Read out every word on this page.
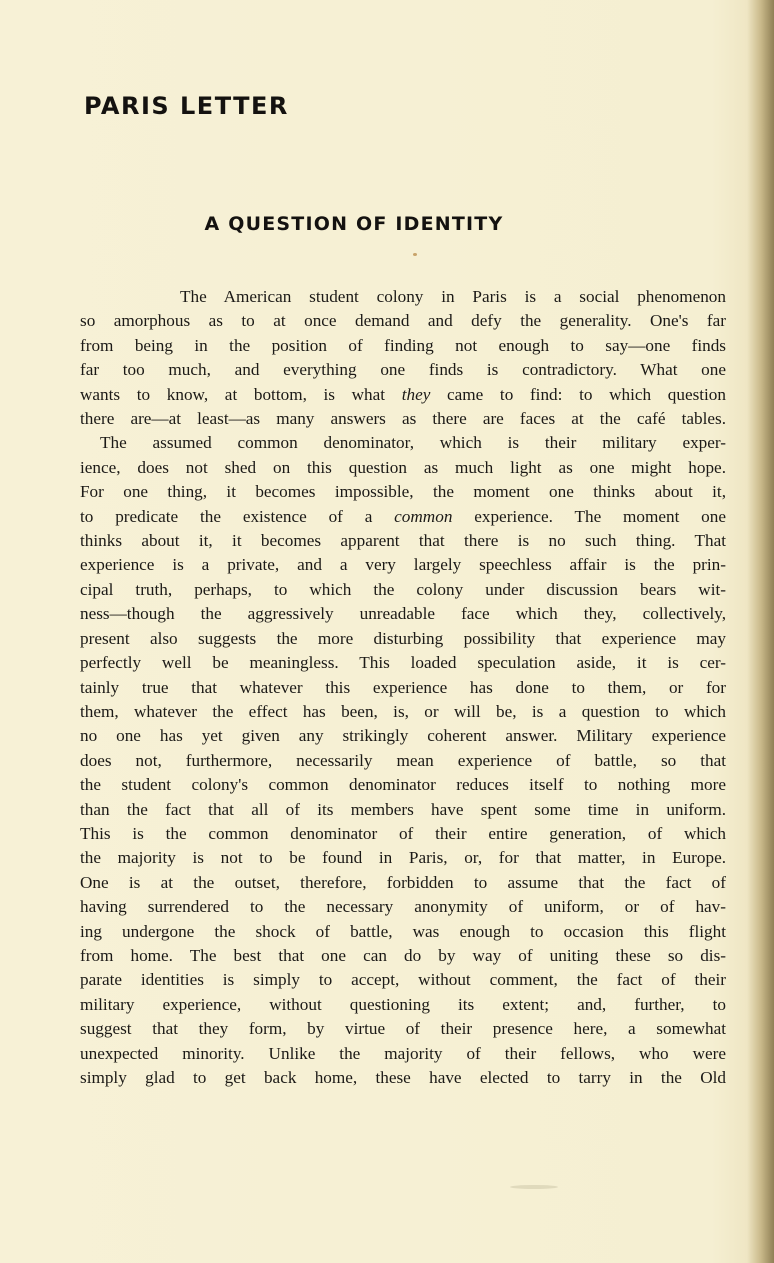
PARIS LETTER
A QUESTION OF IDENTITY
The American student colony in Paris is a social phenomenon
so amorphous as to at once demand and defy the generality. One's far
from being in the position of finding not enough to say—one finds
far too much, and everything one finds is contradictory. What one
wants to know, at bottom, is what they came to find: to which question
there are—at least—as many answers as there are faces at the café tables.
The assumed common denominator, which is their military exper-
ience, does not shed on this question as much light as one might hope.
For one thing, it becomes impossible, the moment one thinks about it,
to predicate the existence of a common experience. The moment one
thinks about it, it becomes apparent that there is no such thing. That
experience is a private, and a very largely speechless affair is the prin-
cipal truth, perhaps, to which the colony under discussion bears wit-
ness—though the aggressively unreadable face which they, collectively,
present also suggests the more disturbing possibility that experience may
perfectly well be meaningless. This loaded speculation aside, it is cer-
tainly true that whatever this experience has done to them, or for
them, whatever the effect has been, is, or will be, is a question to which
no one has yet given any strikingly coherent answer. Military experience
does not, furthermore, necessarily mean experience of battle, so that
the student colony's common denominator reduces itself to nothing more
than the fact that all of its members have spent some time in uniform.
This is the common denominator of their entire generation, of which
the majority is not to be found in Paris, or, for that matter, in Europe.
One is at the outset, therefore, forbidden to assume that the fact of
having surrendered to the necessary anonymity of uniform, or of hav-
ing undergone the shock of battle, was enough to occasion this flight
from home. The best that one can do by way of uniting these so dis-
parate identities is simply to accept, without comment, the fact of their
military experience, without questioning its extent; and, further, to
suggest that they form, by virtue of their presence here, a somewhat
unexpected minority. Unlike the majority of their fellows, who were
simply glad to get back home, these have elected to tarry in the Old
